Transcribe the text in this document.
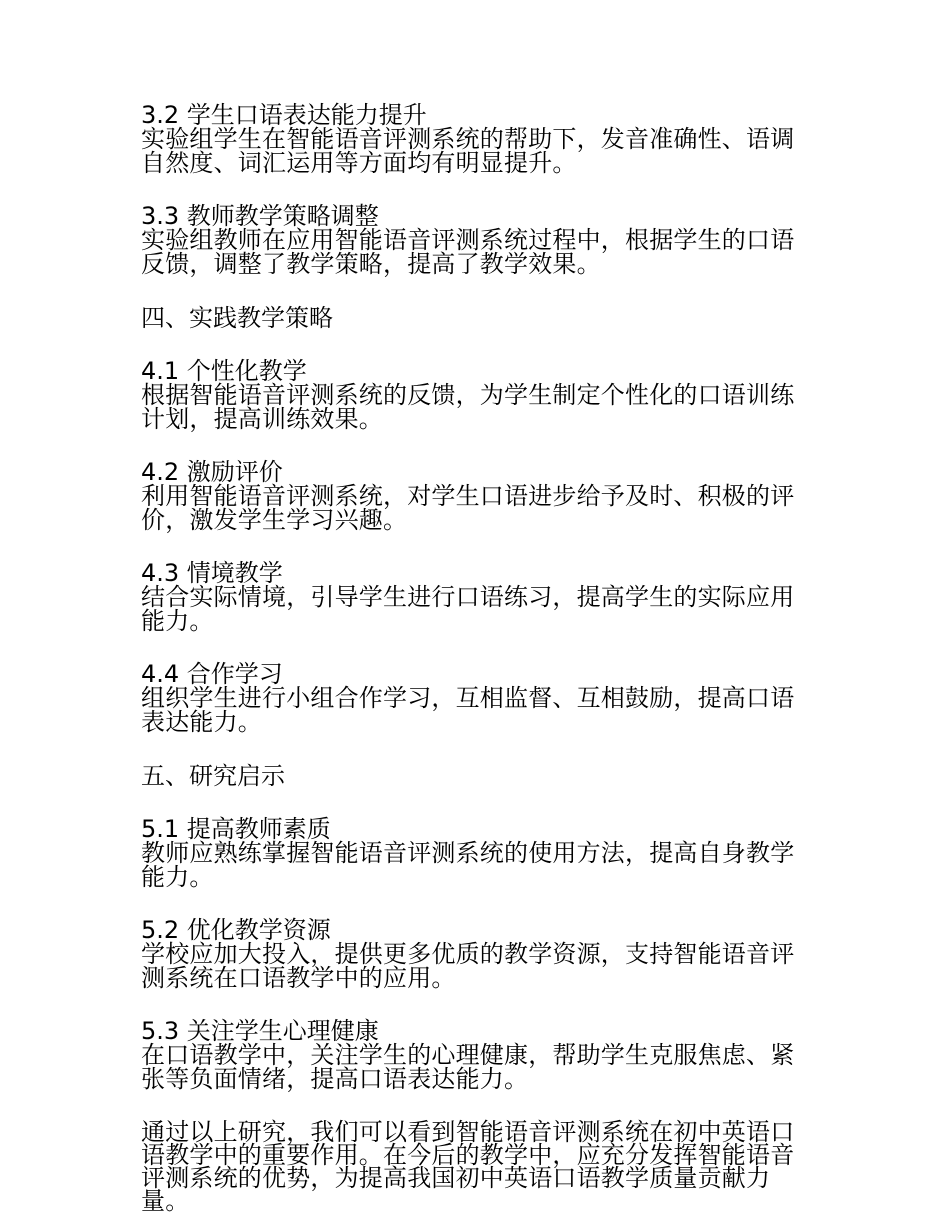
3.2 学生口语表达能力提升

实验组学生在智能语音评测系统的帮助下，发音准确性、语调

自然度、词汇运用等方面均有明显提升。

3.3 教师教学策略调整

实验组教师在应用智能语音评测系统过程中，根据学生的口语

反馈，调整了教学策略，提高了教学效果。

四、实践教学策略

4.1 个性化教学

根据智能语音评测系统的反馈，为学生制定个性化的口语训练

计划，提高训练效果。

4.2 激励评价

利用智能语音评测系统，对学生口语进步给予及时、积极的评

价，激发学生学习兴趣。

4.3 情境教学

结合实际情境，引导学生进行口语练习，提高学生的实际应用

能力。

4.4 合作学习

组织学生进行小组合作学习，互相监督、互相鼓励，提高口语

表达能力。

五、研究启示

5.1 提高教师素质

教师应熟练掌握智能语音评测系统的使用方法，提高自身教学

能力。

5.2 优化教学资源

学校应加大投入，提供更多优质的教学资源，支持智能语音评

测系统在口语教学中的应用。

5.3 关注学生心理健康

在口语教学中，关注学生的心理健康，帮助学生克服焦虑、紧

张等负面情绪，提高口语表达能力。

通过以上研究，我们可以看到智能语音评测系统在初中英语口

语教学中的重要作用。在今后的教学中，应充分发挥智能语音

评测系统的优势，为提高我国初中英语口语教学质量贡献力

量。
